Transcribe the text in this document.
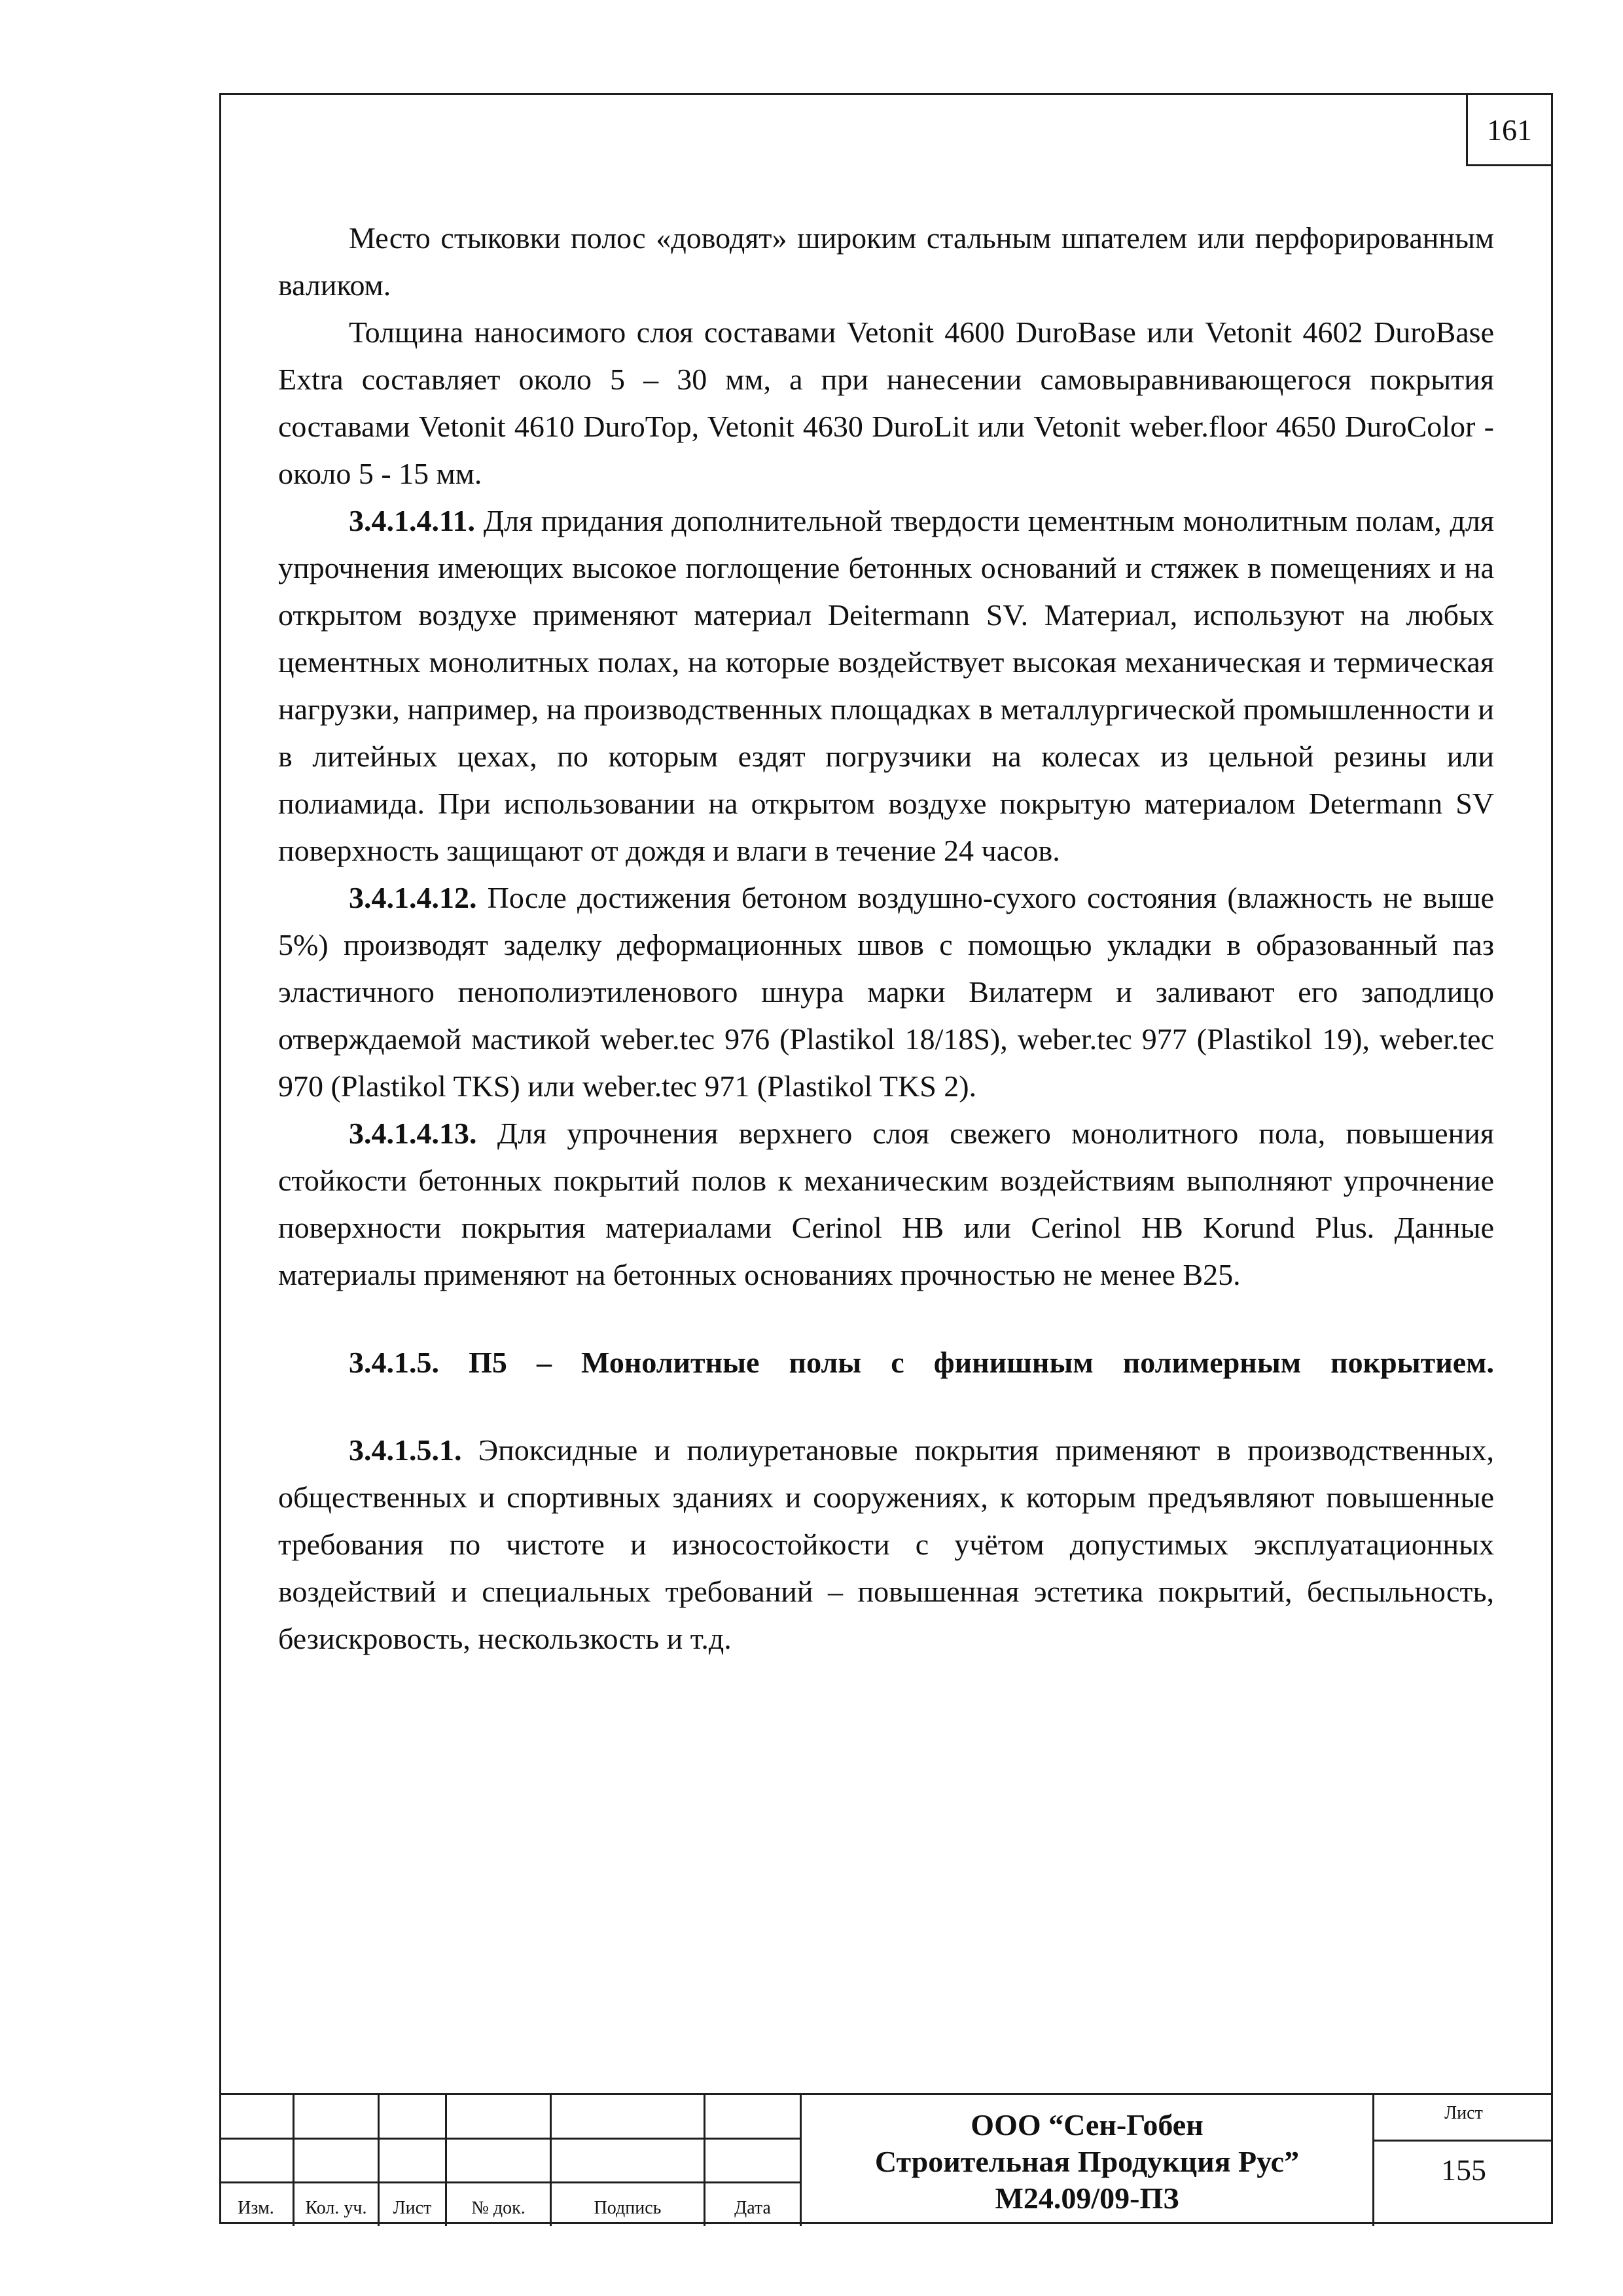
161

Место стыковки полос «доводят» широким стальным шпателем или перфорированным валиком.

Толщина наносимого слоя составами Vetonit 4600 DuroBase или Vetonit 4602 DuroBase Extra составляет около 5 – 30 мм, а при нанесении самовыравнивающегося покрытия составами Vetonit 4610 DuroTop, Vetonit 4630 DuroLit или Vetonit weber.floor 4650 DuroColor - около 5 - 15 мм.

3.4.1.4.11. Для придания дополнительной твердости цементным монолитным полам, для упрочнения имеющих высокое поглощение бетонных оснований и стяжек в помещениях и на открытом воздухе применяют материал Deitermann SV. Материал, используют на любых цементных монолитных полах, на которые воздействует высокая механическая и термическая нагрузки, например, на производственных площадках в металлургической промышленности и в литейных цехах, по которым ездят погрузчики на колесах из цельной резины или полиамида. При использовании на открытом воздухе покрытую материалом Determann SV поверхность защищают от дождя и влаги в течение 24 часов.

3.4.1.4.12. После достижения бетоном воздушно-сухого состояния (влажность не выше 5%) производят заделку деформационных швов с помощью укладки в образованный паз эластичного пенополиэтиленового шнура марки Вилатерм и заливают его заподлицо отверждаемой мастикой weber.tec 976 (Plastikol 18/18S), weber.tec 977 (Plastikol 19), weber.tec 970 (Plastikol TKS) или weber.tec 971 (Plastikol TKS 2).

3.4.1.4.13. Для упрочнения верхнего слоя свежего монолитного пола, повышения стойкости бетонных покрытий полов к механическим воздействиям выполняют упрочнение поверхности покрытия материалами Cerinol HB или Cerinol HB Korund Plus. Данные материалы применяют на бетонных основаниях прочностью не менее B25.

3.4.1.5. П5 – Монолитные полы с финишным полимерным покрытием.

3.4.1.5.1. Эпоксидные и полиуретановые покрытия применяют в производственных, общественных и спортивных зданиях и сооружениях, к которым предъявляют повышенные требования по чистоте и износостойкости с учётом допустимых эксплуатационных воздействий и специальных требований – повышенная эстетика покрытий, беспыльность, безискровость, нескользкость и т.д.

Изм.	Кол. уч.	Лист	№ док.	Подпись	Дата
ООО “Сен-Гобен
Строительная Продукция Рус”
М24.09/09-ПЗ
Лист
155
